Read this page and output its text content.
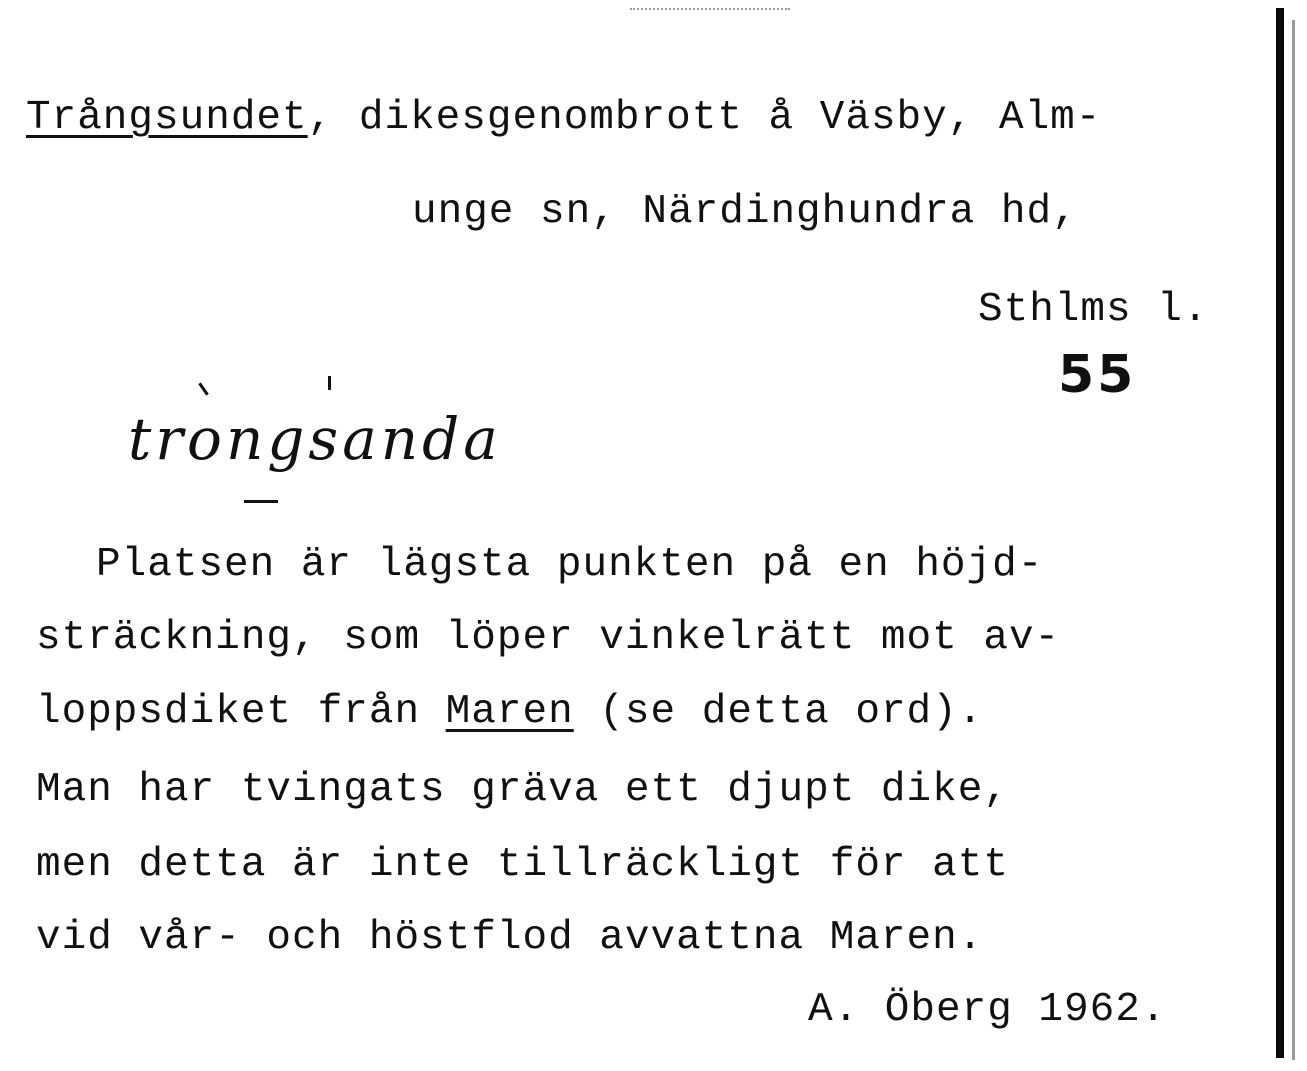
Trångsundet, dikesgenombrott å Väsby, Alm-
unge sn, Närdinghundra hd,
Sthlms l.
55
trongsanda
Platsen är lägsta punkten på en höjd-
sträckning, som löper vinkelrätt mot av-
loppsdiket från Maren (se detta ord).
Man har tvingats gräva ett djupt dike,
men detta är inte tillräckligt för att
vid vår- och höstflod avvattna Maren.
A. Öberg 1962.
